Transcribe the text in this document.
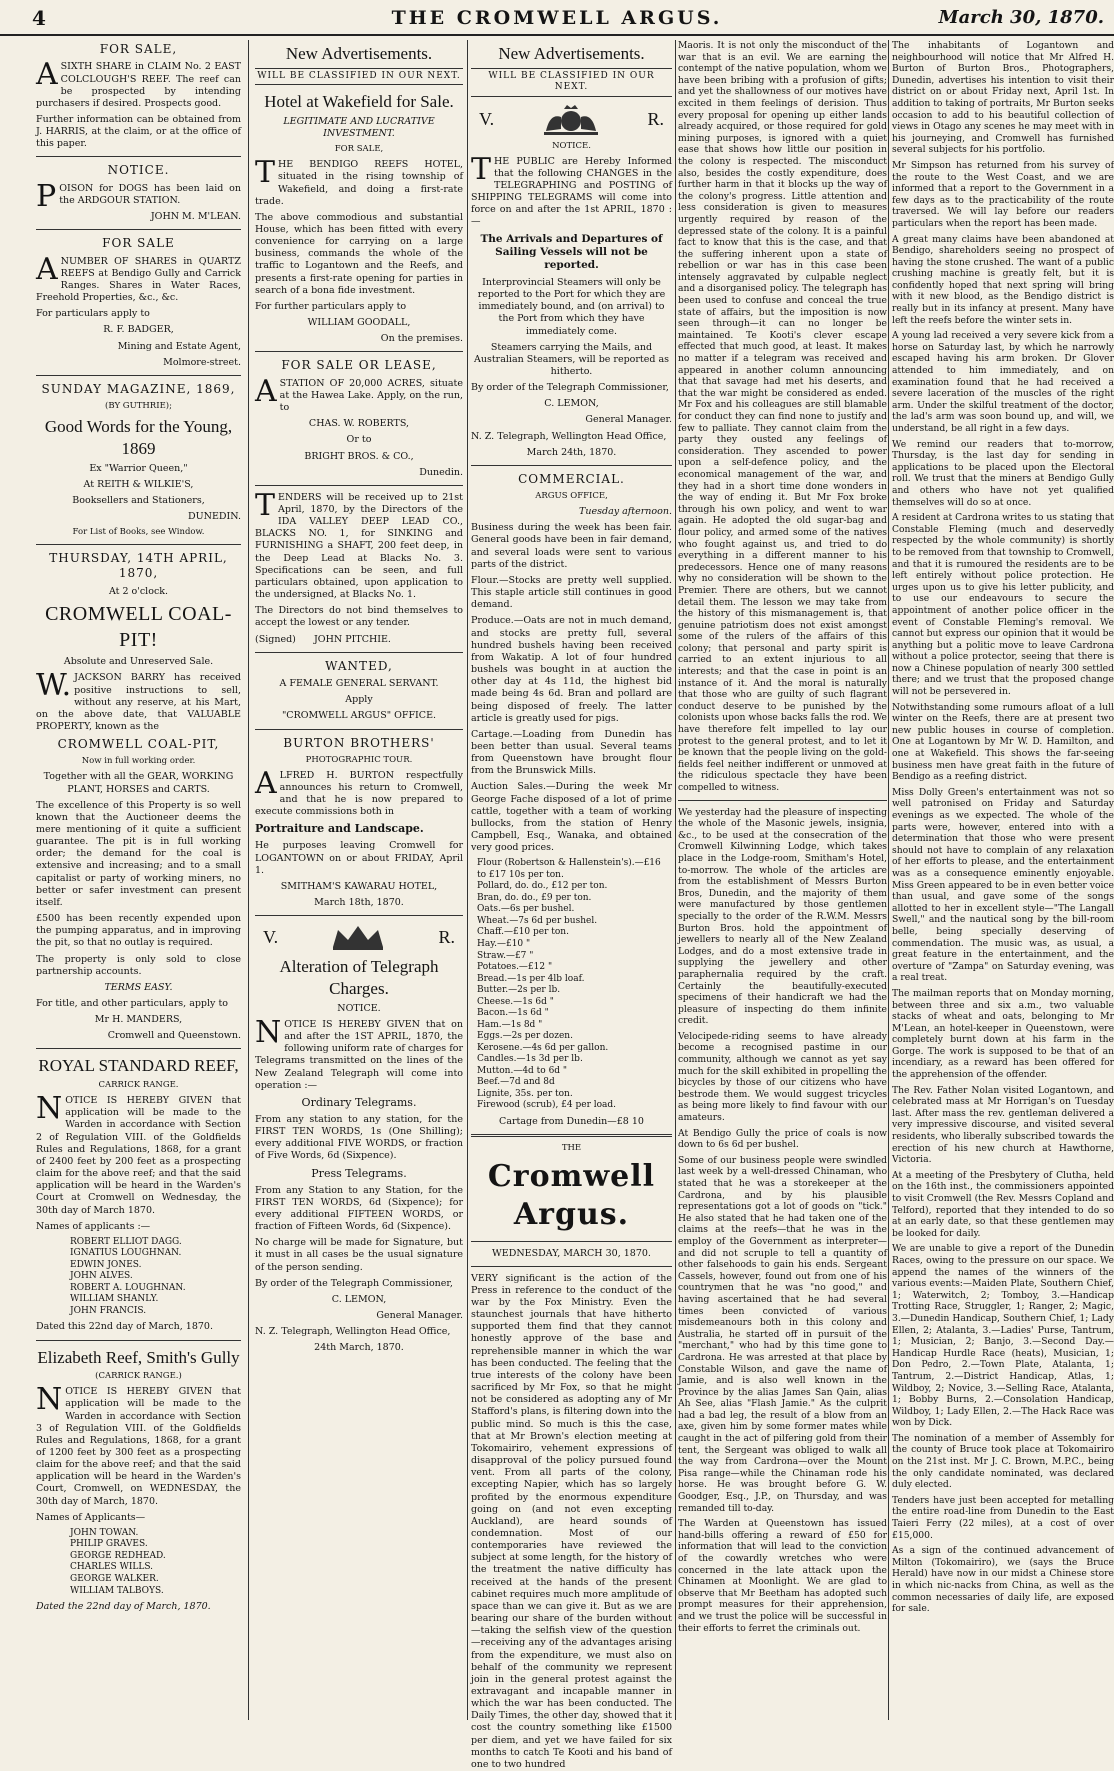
4	THE CROMWELL ARGUS.	March 30, 1870.
FOR SALE,

ASIXTH SHARE in CLAIM No. 2 EAST COLCLOUGH'S REEF. The reef can be prospected by intending purchasers if desired. Prospects good.

Further information can be obtained from J. HARRIS, at the claim, or at the office of this paper.

NOTICE.

POISON for DOGS has been laid on the ARDGOUR STATION.

JOHN M. M'LEAN.

FOR SALE

ANUMBER OF SHARES in QUARTZ REEFS at Bendigo Gully and Carrick Ranges. Shares in Water Races, Freehold Properties, &c., &c.

For particulars apply to

R. F. BADGER,

Mining and Estate Agent,

Molmore-street.

SUNDAY MAGAZINE, 1869,

(BY GUTHRIE);

Good Words for the Young, 1869

Ex "Warrior Queen,"

At REITH & WILKIE'S,

Booksellers and Stationers,

DUNEDIN.

For List of Books, see Window.

THURSDAY, 14TH APRIL, 1870,

At 2 o'clock.

CROMWELL COAL-PIT!

Absolute and Unreserved Sale.

W.JACKSON BARRY has received positive instructions to sell, without any reserve, at his Mart, on the above date, that VALUABLE PROPERTY, known as the

CROMWELL COAL-PIT,

Now in full working order.

Together with all the GEAR, WORKING PLANT, HORSES and CARTS.

The excellence of this Property is so well known that the Auctioneer deems the mere mentioning of it quite a sufficient guarantee. The pit is in full working order; the demand for the coal is extensive and increasing; and to a small capitalist or party of working miners, no better or safer investment can present itself.

£500 has been recently expended upon the pumping apparatus, and in improving the pit, so that no outlay is required.

The property is only sold to close partnership accounts.

TERMS EASY.

For title, and other particulars, apply to

Mr H. MANDERS,

Cromwell and Queenstown.

ROYAL STANDARD REEF,

CARRICK RANGE.

NOTICE IS HEREBY GIVEN that application will be made to the Warden in accordance with Section 2 of Regulation VIII. of the Goldfields Rules and Regulations, 1868, for a grant of 2400 feet by 200 feet as a prospecting claim for the above reef; and that the said application will be heard in the Warden's Court at Cromwell on Wednesday, the 30th day of March 1870.

Names of applicants :—

ROBERT ELLIOT DAGG.
IGNATIUS LOUGHNAN.
EDWIN JONES.
JOHN ALVES.
ROBERT A. LOUGHNAN.
WILLIAM SHANLY.
JOHN FRANCIS.

Dated this 22nd day of March, 1870.

Elizabeth Reef, Smith's Gully

(CARRICK RANGE.)

NOTICE IS HEREBY GIVEN that application will be made to the Warden in accordance with Section 3 of Regulation VIII. of the Goldfields Rules and Regulations, 1868, for a grant of 1200 feet by 300 feet as a prospecting claim for the above reef; and that the said application will be heard in the Warden's Court, Cromwell, on WEDNESDAY, the 30th day of March, 1870.

Names of Applicants—

JOHN TOWAN.
PHILIP GRAVES.
GEORGE REDHEAD.
CHARLES WILLS.
GEORGE WALKER.
WILLIAM TALBOYS.

Dated the 22nd day of March, 1870.

New Advertisements.
WILL BE CLASSIFIED IN OUR NEXT.
Hotel at Wakefield for Sale.

LEGITIMATE AND LUCRATIVE INVESTMENT.

FOR SALE,

THE BENDIGO REEFS HOTEL, situated in the rising township of Wakefield, and doing a first-rate trade.

The above commodious and substantial House, which has been fitted with every convenience for carrying on a large business, commands the whole of the traffic to Logantown and the Reefs, and presents a first-rate opening for parties in search of a bona fide investment.

For further particulars apply to

WILLIAM GOODALL,

On the premises.

FOR SALE OR LEASE,

ASTATION OF 20,000 ACRES, situate at the Hawea Lake. Apply, on the run, to

CHAS. W. ROBERTS,

Or to

BRIGHT BROS. & CO.,

Dunedin.

TENDERS will be received up to 21st April, 1870, by the Directors of the IDA VALLEY DEEP LEAD CO., BLACKS NO. 1, for SINKING and FURNISHING a SHAFT, 200 feet deep, in the Deep Lead at Blacks No. 3. Specifications can be seen, and full particulars obtained, upon application to the undersigned, at Blacks No. 1.

The Directors do not bind themselves to accept the lowest or any tender.

(Signed) JOHN PITCHIE.

WANTED,

A FEMALE GENERAL SERVANT.

Apply

"CROMWELL ARGUS" OFFICE.

BURTON BROTHERS'

PHOTOGRAPHIC TOUR.

ALFRED H. BURTON respectfully announces his return to Cromwell, and that he is now prepared to execute commissions both in

Portraiture and Landscape.

He purposes leaving Cromwell for LOGANTOWN on or about FRIDAY, April 1.

SMITHAM'S KAWARAU HOTEL,

March 18th, 1870.

V.	R.
Alteration of Telegraph Charges.

NOTICE.

NOTICE IS HEREBY GIVEN that on and after the 1ST APRIL, 1870, the following uniform rate of charges for Telegrams transmitted on the lines of the New Zealand Telegraph will come into operation :—

Ordinary Telegrams.

From any station to any station, for the FIRST TEN WORDS, 1s (One Shilling); every additional FIVE WORDS, or fraction of Five Words, 6d (Sixpence).

Press Telegrams.

From any Station to any Station, for the FIRST TEN WORDS, 6d (Sixpence); for every additional FIFTEEN WORDS, or fraction of Fifteen Words, 6d (Sixpence).

No charge will be made for Signature, but it must in all cases be the usual signature of the person sending.

By order of the Telegraph Commissioner,

C. LEMON,

General Manager.

N. Z. Telegraph, Wellington Head Office,

24th March, 1870.

New Advertisements.
WILL BE CLASSIFIED IN OUR NEXT.
V.	R.

NOTICE.

THE PUBLIC are Hereby Informed that the following CHANGES in the TELEGRAPHING and POSTING of SHIPPING TELEGRAMS will come into force on and after the 1st APRIL, 1870 :—

The Arrivals and Departures of Sailing Vessels will not be reported.

Interprovincial Steamers will only be reported to the Port for which they are immediately bound, and (on arrival) to the Port from which they have immediately come.

Steamers carrying the Mails, and Australian Steamers, will be reported as hitherto.

By order of the Telegraph Commissioner,

C. LEMON,

General Manager.

N. Z. Telegraph, Wellington Head Office,

March 24th, 1870.

COMMERCIAL.

ARGUS OFFICE,

Tuesday afternoon.

Business during the week has been fair. General goods have been in fair demand, and several loads were sent to various parts of the district.

Flour.—Stocks are pretty well supplied. This staple article still continues in good demand.

Produce.—Oats are not in much demand, and stocks are pretty full, several hundred bushels having been received from Wakatip. A lot of four hundred bushels was bought in at auction the other day at 4s 11d, the highest bid made being 4s 6d. Bran and pollard are being disposed of freely. The latter article is greatly used for pigs.

Cartage.—Loading from Dunedin has been better than usual. Several teams from Queenstown have brought flour from the Brunswick Mills.

Auction Sales.—During the week Mr George Fache disposed of a lot of prime cattle, together with a team of working bullocks, from the station of Henry Campbell, Esq., Wanaka, and obtained very good prices.

Flour (Robertson & Hallenstein's).—£16 to £17 10s per ton.
Pollard, do. do., £12 per ton.
Bran, do. do., £9 per ton.
Oats.—6s per bushel.
Wheat.—7s 6d per bushel.
Chaff.—£10 per ton.
Hay.—£10 "
Straw.—£7 "
Potatoes.—£12 "
Bread.—1s per 4lb loaf.
Butter.—2s per lb.
Cheese.—1s 6d "
Bacon.—1s 6d "
Ham.—1s 8d "
Eggs.—2s per dozen.
Kerosene.—4s 6d per gallon.
Candles.—1s 3d per lb.
Mutton.—4d to 6d "
Beef.—7d and 8d
Lignite, 35s. per ton.
Firewood (scrub), £4 per load.

Cartage from Dunedin—£8 10

THE

Cromwell Argus.

WEDNESDAY, MARCH 30, 1870.

VERY significant is the action of the Press in reference to the conduct of the war by the Fox Ministry. Even the staunchest journals that have hitherto supported them find that they cannot honestly approve of the base and reprehensible manner in which the war has been conducted. The feeling that the true interests of the colony have been sacrificed by Mr Fox, so that he might not be considered as adopting any of Mr Stafford's plans, is filtering down into the public mind. So much is this the case, that at Mr Brown's election meeting at Tokomairiro, vehement expressions of disapproval of the policy pursued found vent. From all parts of the colony, excepting Napier, which has so largely profited by the enormous expenditure going on (and not even excepting Auckland), are heard sounds of condemnation. Most of our contemporaries have reviewed the subject at some length, for the history of the treatment the native difficulty has received at the hands of the present cabinet requires much more amplitude of space than we can give it. But as we are bearing our share of the burden without—taking the selfish view of the question—receiving any of the advantages arising from the expenditure, we must also on behalf of the community we represent join in the general protest against the extravagant and incapable manner in which the war has been conducted. The Daily Times, the other day, showed that it cost the country something like £1500 per diem, and yet we have failed for six months to catch Te Kooti and his band of one to two hundred

Maoris. It is not only the misconduct of the war that is an evil. We are earning the contempt of the native population, whom we have been bribing with a profusion of gifts; and yet the shallowness of our motives have excited in them feelings of derision. Thus every proposal for opening up either lands already acquired, or those required for gold mining purposes, is ignored with a quiet ease that shows how little our position in the colony is respected. The misconduct also, besides the costly expenditure, does further harm in that it blocks up the way of the colony's progress. Little attention and less consideration is given to measures urgently required by reason of the depressed state of the colony. It is a painful fact to know that this is the case, and that the suffering inherent upon a state of rebellion or war has in this case been intensely aggravated by culpable neglect and a disorganised policy. The telegraph has been used to confuse and conceal the true state of affairs, but the imposition is now seen through—it can no longer be maintained. Te Kooti's clever escape effected that much good, at least. It makes no matter if a telegram was received and appeared in another column announcing that that savage had met his deserts, and that the war might be considered as ended. Mr Fox and his colleagues are still blamable for conduct they can find none to justify and few to palliate. They cannot claim from the party they ousted any feelings of consideration. They ascended to power upon a self-defence policy, and the economical management of the war, and they had in a short time done wonders in the way of ending it. But Mr Fox broke through his own policy, and went to war again. He adopted the old sugar-bag and flour policy, and armed some of the natives who fought against us, and tried to do everything in a different manner to his predecessors. Hence one of many reasons why no consideration will be shown to the Premier. There are others, but we cannot detail them. The lesson we may take from the history of this mismanagement is, that genuine patriotism does not exist amongst some of the rulers of the affairs of this colony; that personal and party spirit is carried to an extent injurious to all interests; and that the case in point is an instance of it. And the moral is naturally that those who are guilty of such flagrant conduct deserve to be punished by the colonists upon whose backs falls the rod. We have therefore felt impelled to lay our protest to the general protest, and to let it be known that the people living on the gold-fields feel neither indifferent or unmoved at the ridiculous spectacle they have been compelled to witness.

We yesterday had the pleasure of inspecting the whole of the Masonic jewels, insignia, &c., to be used at the consecration of the Cromwell Kilwinning Lodge, which takes place in the Lodge-room, Smitham's Hotel, to-morrow. The whole of the articles are from the establishment of Messrs Burton Bros, Dunedin, and the majority of them were manufactured by those gentlemen specially to the order of the R.W.M. Messrs Burton Bros. hold the appointment of jewellers to nearly all of the New Zealand Lodges, and do a most extensive trade in supplying the jewellery and other paraphernalia required by the craft. Certainly the beautifully-executed specimens of their handicraft we had the pleasure of inspecting do them infinite credit.

Velocipede-riding seems to have already become a recognised pastime in our community, although we cannot as yet say much for the skill exhibited in propelling the bicycles by those of our citizens who have bestrode them. We would suggest tricycles as being more likely to find favour with our amateurs.

At Bendigo Gully the price of coals is now down to 6s 6d per bushel.

Some of our business people were swindled last week by a well-dressed Chinaman, who stated that he was a storekeeper at the Cardrona, and by his plausible representations got a lot of goods on "tick." He also stated that he had taken one of the claims at the reefs—that he was in the employ of the Government as interpreter—and did not scruple to tell a quantity of other falsehoods to gain his ends. Sergeant Cassels, however, found out from one of his countrymen that he was "no good," and having ascertained that he had several times been convicted of various misdemeanours both in this colony and Australia, he started off in pursuit of the "merchant," who had by this time gone to Cardrona. He was arrested at that place by Constable Wilson, and gave the name of Jamie, and is also well known in the Province by the alias James San Qain, alias Ah See, alias "Flash Jamie." As the culprit had a bad leg, the result of a blow from an axe, given him by some former mates while caught in the act of pilfering gold from their tent, the Sergeant was obliged to walk all the way from Cardrona—over the Mount Pisa range—while the Chinaman rode his horse. He was brought before G. W. Goodger, Esq., J.P., on Thursday, and was remanded till to-day.

The Warden at Queenstown has issued hand-bills offering a reward of £50 for information that will lead to the conviction of the cowardly wretches who were concerned in the late attack upon the Chinamen at Moonlight. We are glad to observe that Mr Beetham has adopted such prompt measures for their apprehension, and we trust the police will be successful in their efforts to ferret the criminals out.

The inhabitants of Logantown and neighbourhood will notice that Mr Alfred H. Burton of Burton Bros., Photographers, Dunedin, advertises his intention to visit their district on or about Friday next, April 1st. In addition to taking of portraits, Mr Burton seeks occasion to add to his beautiful collection of views in Otago any scenes he may meet with in his journeying, and Cromwell has furnished several subjects for his portfolio.

Mr Simpson has returned from his survey of the route to the West Coast, and we are informed that a report to the Government in a few days as to the practicability of the route traversed. We will lay before our readers particulars when the report has been made.

A great many claims have been abandoned at Bendigo, shareholders seeing no prospect of having the stone crushed. The want of a public crushing machine is greatly felt, but it is confidently hoped that next spring will bring with it new blood, as the Bendigo district is really but in its infancy at present. Many have left the reefs before the winter sets in.

A young lad received a very severe kick from a horse on Saturday last, by which he narrowly escaped having his arm broken. Dr Glover attended to him immediately, and on examination found that he had received a severe laceration of the muscles of the right arm. Under the skilful treatment of the doctor, the lad's arm was soon bound up, and will, we understand, be all right in a few days.

We remind our readers that to-morrow, Thursday, is the last day for sending in applications to be placed upon the Electoral roll. We trust that the miners at Bendigo Gully and others who have not yet qualified themselves will do so at once.

A resident at Cardrona writes to us stating that Constable Fleming (much and deservedly respected by the whole community) is shortly to be removed from that township to Cromwell, and that it is rumoured the residents are to be left entirely without police protection. He urges upon us to give his letter publicity, and to use our endeavours to secure the appointment of another police officer in the event of Constable Fleming's removal. We cannot but express our opinion that it would be anything but a politic move to leave Cardrona without a police protector, seeing that there is now a Chinese population of nearly 300 settled there; and we trust that the proposed change will not be persevered in.

Notwithstanding some rumours afloat of a lull winter on the Reefs, there are at present two new public houses in course of completion. One at Logantown by Mr W. D. Hamilton, and one at Wakefield. This shows the far-seeing business men have great faith in the future of Bendigo as a reefing district.

Miss Dolly Green's entertainment was not so well patronised on Friday and Saturday evenings as we expected. The whole of the parts were, however, entered into with a determination that those who were present should not have to complain of any relaxation of her efforts to please, and the entertainment was as a consequence eminently enjoyable. Miss Green appeared to be in even better voice than usual, and gave some of the songs allotted to her in excellent style—"The Langall Swell," and the nautical song by the bill-room belle, being specially deserving of commendation. The music was, as usual, a great feature in the entertainment, and the overture of "Zampa" on Saturday evening, was a real treat.

The mailman reports that on Monday morning, between three and six a.m., two valuable stacks of wheat and oats, belonging to Mr M'Lean, an hotel-keeper in Queenstown, were completely burnt down at his farm in the Gorge. The work is supposed to be that of an incendiary, as a reward has been offered for the apprehension of the offender.

The Rev. Father Nolan visited Logantown, and celebrated mass at Mr Horrigan's on Tuesday last. After mass the rev. gentleman delivered a very impressive discourse, and visited several residents, who liberally subscribed towards the erection of his new church at Hawthorne, Victoria.

At a meeting of the Presbytery of Clutha, held on the 16th inst., the commissioners appointed to visit Cromwell (the Rev. Messrs Copland and Telford), reported that they intended to do so at an early date, so that these gentlemen may be looked for daily.

We are unable to give a report of the Dunedin Races, owing to the pressure on our space. We append the names of the winners of the various events:—Maiden Plate, Southern Chief, 1; Waterwitch, 2; Tomboy, 3.—Handicap Trotting Race, Struggler, 1; Ranger, 2; Magic, 3.—Dunedin Handicap, Southern Chief, 1; Lady Ellen, 2; Atalanta, 3.—Ladies' Purse, Tantrum, 1; Musician, 2; Banjo, 3.—Second Day.—Handicap Hurdle Race (heats), Musician, 1; Don Pedro, 2.—Town Plate, Atalanta, 1; Tantrum, 2.—District Handicap, Atlas, 1; Wildboy, 2; Novice, 3.—Selling Race, Atalanta, 1; Bobby Burns, 2.—Consolation Handicap, Wildboy, 1; Lady Ellen, 2.—The Hack Race was won by Dick.

The nomination of a member of Assembly for the county of Bruce took place at Tokomairiro on the 21st inst. Mr J. C. Brown, M.P.C., being the only candidate nominated, was declared duly elected.

Tenders have just been accepted for metalling the entire road-line from Dunedin to the East Taieri Ferry (22 miles), at a cost of over £15,000.

As a sign of the continued advancement of Milton (Tokomairiro), we (says the Bruce Herald) have now in our midst a Chinese store in which nic-nacks from China, as well as the common necessaries of daily life, are exposed for sale.
